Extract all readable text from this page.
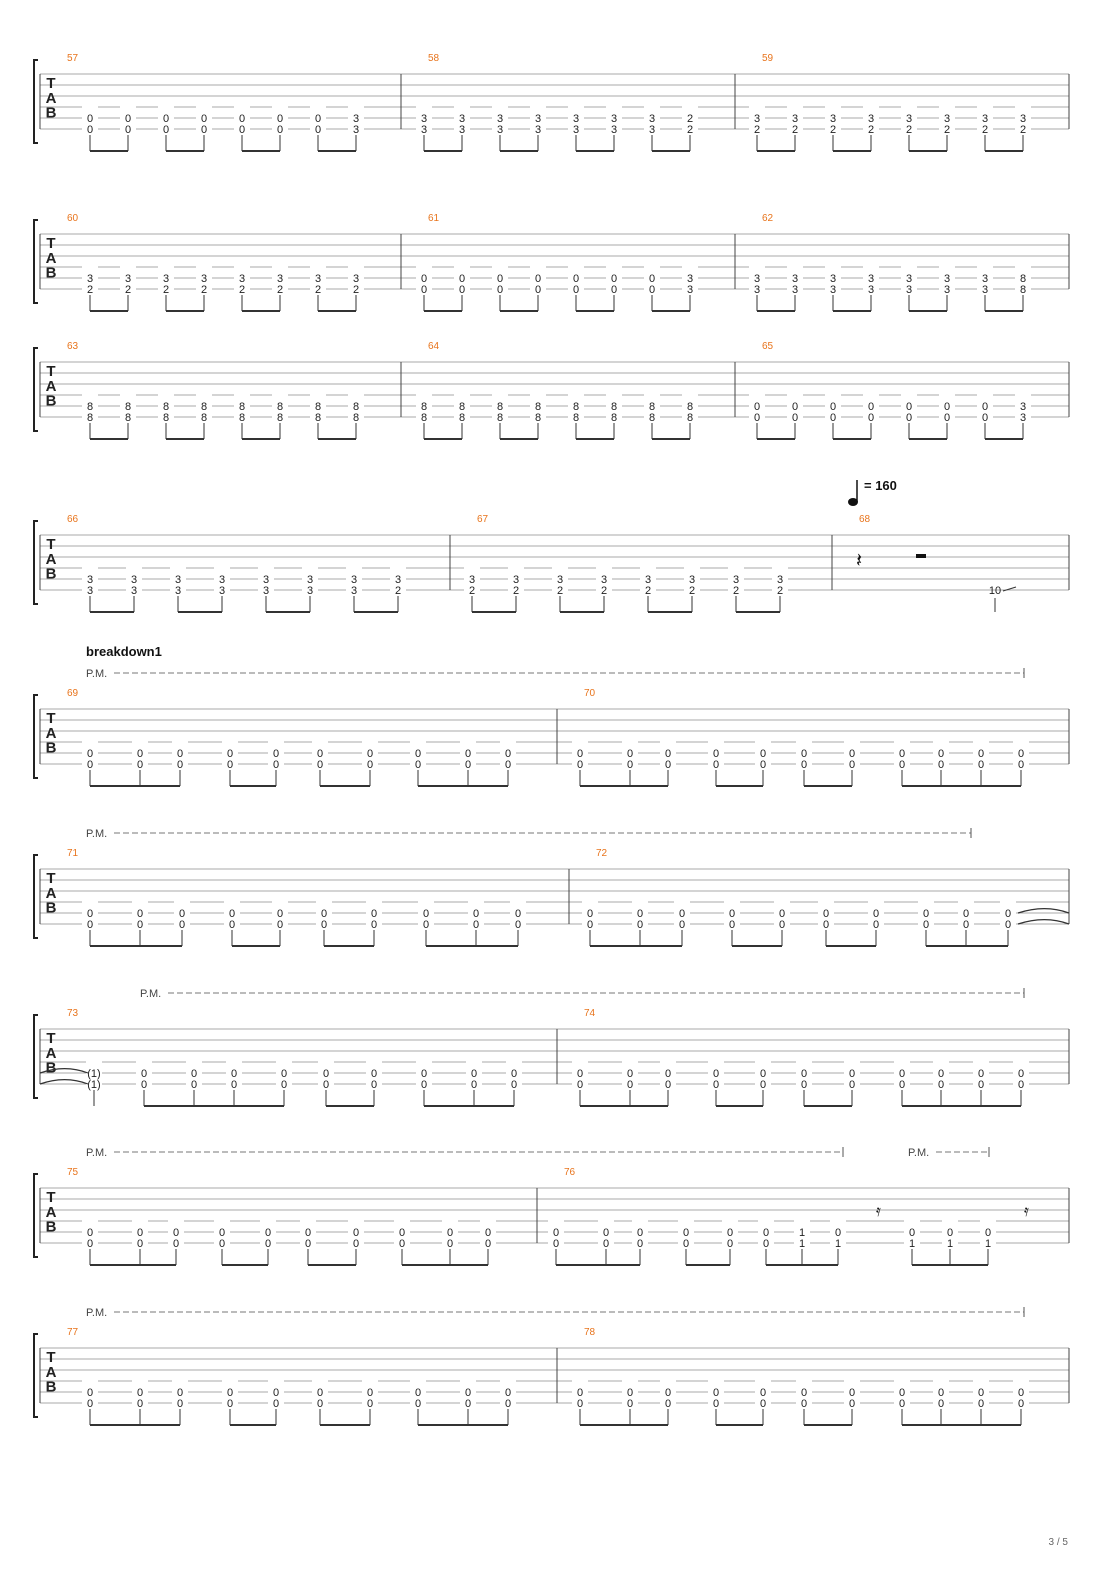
T
A
B
57
0
0
0
0
0
0
0
0
0
0
0
0
0
0
3
3
58
3
3
3
3
3
3
3
3
3
3
3
3
3
3
2
2
59
3
2
3
2
3
2
3
2
3
2
3
2
3
2
3
2
T
A
B
60
3
2
3
2
3
2
3
2
3
2
3
2
3
2
3
2
61
0
0
0
0
0
0
0
0
0
0
0
0
0
0
3
3
62
3
3
3
3
3
3
3
3
3
3
3
3
3
3
8
8
T
A
B
63
8
8
8
8
8
8
8
8
8
8
8
8
8
8
8
8
64
8
8
8
8
8
8
8
8
8
8
8
8
8
8
8
8
65
0
0
0
0
0
0
0
0
0
0
0
0
0
0
3
3
T
A
B
66
3
3
3
3
3
3
3
3
3
3
3
3
3
3
3
2
67
3
2
3
2
3
2
3
2
3
2
3
2
3
2
3
2
68
𝄽
10
= 160
T
A
B
P.M.
69
0
0
0
0
0
0
0
0
0
0
0
0
0
0
0
0
0
0
0
0
70
0
0
0
0
0
0
0
0
0
0
0
0
0
0
0
0
0
0
0
0
0
0
breakdown1
T
A
B
P.M.
71
0
0
0
0
0
0
0
0
0
0
0
0
0
0
0
0
0
0
0
0
72
0
0
0
0
0
0
0
0
0
0
0
0
0
0
0
0
0
0
0
0
T
A
B
P.M.
73
(1)
(1)
0
0
0
0
0
0
0
0
0
0
0
0
0
0
0
0
0
0
74
0
0
0
0
0
0
0
0
0
0
0
0
0
0
0
0
0
0
0
0
0
0
T
A
B
P.M.	P.M.
75
0
0
0
0
0
0
0
0
0
0
0
0
0
0
0
0
0
0
0
0
76
0
0
0
0
0
0
0
0
0
0
0
0
1
1
0
1
0
1
0
1
0
1
𝄿	𝄿
T
A
B
P.M.
77
0
0
0
0
0
0
0
0
0
0
0
0
0
0
0
0
0
0
0
0
78
0
0
0
0
0
0
0
0
0
0
0
0
0
0
0
0
0
0
0
0
0
0
3 / 5
